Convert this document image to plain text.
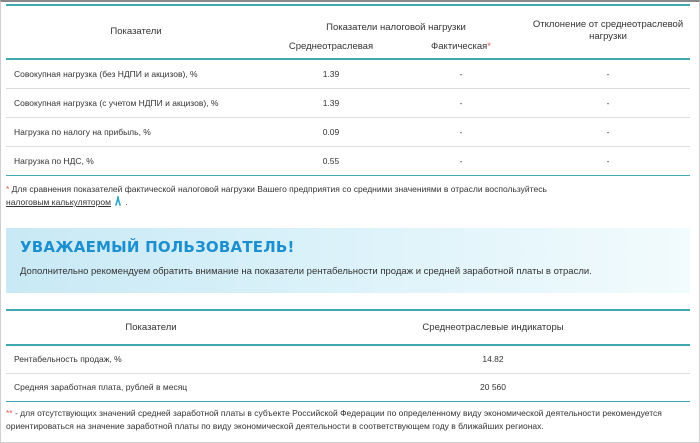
Показатели	Показатели налоговой нагрузки		Отклонение от среднеотраслевой нагрузки
	Среднеотраслевая	Фактическая*	
Совокупная нагрузка (без НДПИ и акцизов), %	1.39	-	-
Совокупная нагрузка (с учетом НДПИ и акцизов), %	1.39	-	-
Нагрузка по налогу на прибыль, %	0.09	-	-
Нагрузка по НДС, %	0.55	-	-
* Для сравнения показателей фактической налоговой нагрузки Вашего предприятия со средними значениями в отрасли воспользуйтесь
налоговым калькулятором .
УВАЖАЕМЫЙ ПОЛЬЗОВАТЕЛЬ!
Дополнительно рекомендуем обратить внимание на показатели рентабельности продаж и средней заработной платы в отрасли.
Показатели	Среднеотраслевые индикаторы
Рентабельность продаж, %	14.82
Средняя заработная плата, рублей в месяц	20 560
** - для отсутствующих значений средней заработной платы в субъекте Российской Федерации по определенному виду экономической деятельности рекомендуется ориентироваться на значение заработной платы по виду экономической деятельности в соответствующем году в ближайших регионах.
